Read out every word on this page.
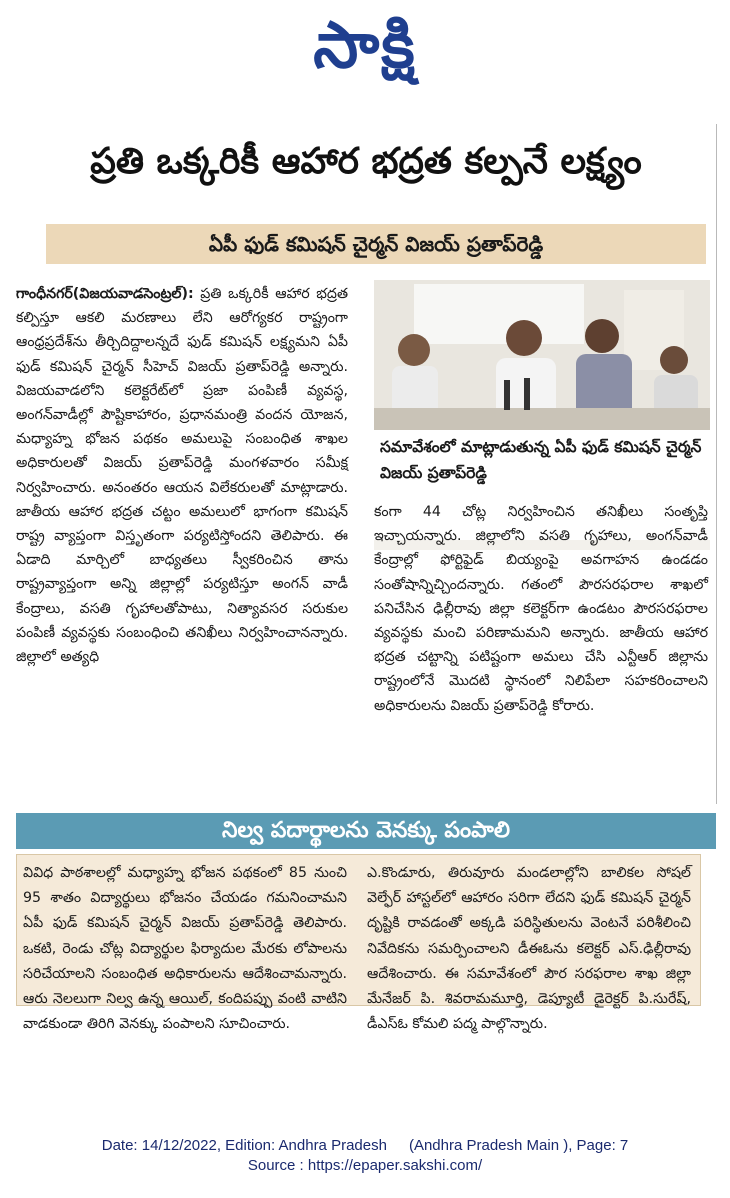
సాక్షి
ప్రతి ఒక్కరికీ ఆహార భద్రత కల్పనే లక్ష్యం
ఏపీ ఫుడ్ కమిషన్ చైర్మన్ విజయ్ ప్రతాప్‌రెడ్డి
గాంధీనగర్(విజయవాడసెంట్రల్): ప్రతి ఒక్కరికీ ఆహార భద్రత కల్పిస్తూ ఆకలి మరణాలు లేని ఆరోగ్యకర రాష్ట్రంగా ఆంధ్రప్రదేశ్‌ను తీర్చిదిద్దాలన్నదే ఫుడ్ కమిషన్ లక్ష్యమని ఏపీ ఫుడ్ కమిషన్ చైర్మన్ సీహెచ్ విజయ్ ప్రతాప్‌రెడ్డి అన్నారు. విజయవాడలోని కలెక్టరేట్‌లో ప్రజా పంపిణీ వ్యవస్థ, అంగన్‌వాడీల్లో పౌష్టికాహారం, ప్రధానమంత్రి వందన యోజన, మధ్యాహ్న భోజన పథకం అమలుపై సంబంధిత శాఖల అధికారులతో విజయ్ ప్రతాప్‌రెడ్డి మంగళవారం సమీక్ష నిర్వహించారు. అనంతరం ఆయన విలేకరులతో మాట్లాడారు. జాతీయ ఆహార భద్రత చట్టం అమలులో భాగంగా కమిషన్ రాష్ట్ర వ్యాప్తంగా విస్తృతంగా పర్యటిస్తోందని తెలిపారు. ఈ ఏడాది మార్చిలో బాధ్యతలు స్వీకరించిన తాను రాష్ట్రవ్యాప్తంగా అన్ని జిల్లాల్లో పర్యటిస్తూ అంగన్ వాడీ కేంద్రాలు, వసతి గృహాలతోపాటు, నిత్యావసర సరుకుల పంపిణీ వ్యవస్థకు సంబంధించి తనిఖీలు నిర్వహించానన్నారు. జిల్లాలో అత్యధి
సమావేశంలో మాట్లాడుతున్న ఏపీ ఫుడ్ కమిషన్ చైర్మన్ విజయ్ ప్రతాప్‌రెడ్డి
కంగా 44 చోట్ల నిర్వహించిన తనిఖీలు సంతృప్తి ఇచ్చాయన్నారు. జిల్లాలోని వసతి గృహాలు, అంగన్‌వాడీ కేంద్రాల్లో ఫోర్టిఫైడ్ బియ్యంపై అవగాహన ఉండడం సంతోషాన్నిచ్చిందన్నారు. గతంలో పౌరసరఫరాల శాఖలో పనిచేసిన ఢిల్లీరావు జిల్లా కలెక్టర్‌గా ఉండటం పౌరసరఫరాల వ్యవస్థకు మంచి పరిణామమని అన్నారు. జాతీయ ఆహార భద్రత చట్టాన్ని పటిష్టంగా అమలు చేసి ఎన్టీఆర్ జిల్లాను రాష్ట్రంలోనే మొదటి స్థానంలో నిలిపేలా సహకరించాలని అధికారులను విజయ్ ప్రతాప్‌రెడ్డి కోరారు.
నిల్వ పదార్థాలను వెనక్కు పంపాలి
వివిధ పాఠశాలల్లో మధ్యాహ్న భోజన పథకంలో 85 నుంచి 95 శాతం విద్యార్థులు భోజనం చేయడం గమనించామని ఏపీ ఫుడ్ కమిషన్ చైర్మన్ విజయ్ ప్రతాప్‌రెడ్డి తెలిపారు. ఒకటి, రెండు చోట్ల విద్యార్థుల ఫిర్యాదుల మేరకు లోపాలను సరిచేయాలని సంబంధిత అధికారులను ఆదేశించామన్నారు. ఆరు నెలలుగా నిల్వ ఉన్న ఆయిల్, కందిపప్పు వంటి వాటిని వాడకుండా తిరిగి వెనక్కు పంపాలని సూచించారు.
ఎ.కొండూరు, తిరువూరు మండలాల్లోని బాలికల సోషల్ వెల్ఫేర్ హాస్టల్‌లో ఆహారం సరిగా లేదని ఫుడ్ కమిషన్ చైర్మన్ దృష్టికి రావడంతో అక్కడి పరిస్థితులను వెంటనే పరిశీలించి నివేదికను సమర్పించాలని డీఈఓను కలెక్టర్ ఎస్.ఢిల్లీరావు ఆదేశించారు. ఈ సమావేశంలో పౌర సరఫరాల శాఖ జిల్లా మేనేజర్ పి. శివరామమూర్తి, డెప్యూటీ డైరెక్టర్ పి.సురేష్, డీఎస్ఓ కోమలి పద్మ పాల్గొన్నారు.
Date: 14/12/2022, Edition: Andhra Pradesh (Andhra Pradesh Main ), Page: 7
Source : https://epaper.sakshi.com/
